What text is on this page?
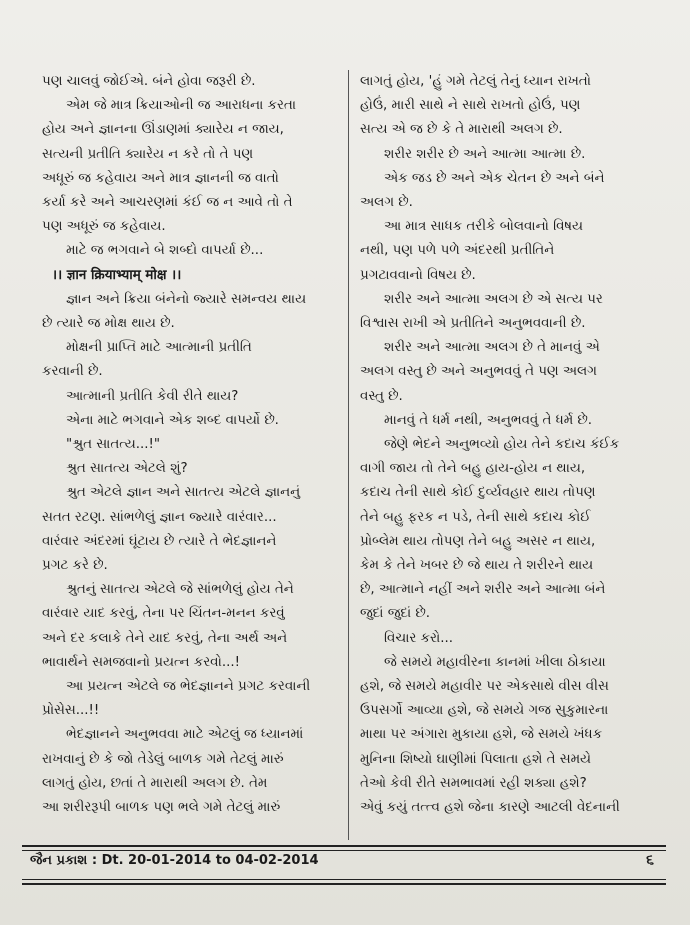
પણ ચાલવું જોઈએ. બંને હોવા જરૂરી છે.

એમ જે માત્ર ક્રિયાઓની જ આરાધના કરતા

હોય અને જ્ઞાનના ઊંડાણમાં ક્યારેય ન જાય,

સત્યની પ્રતીતિ ક્યારેય ન કરે તો તે પણ

અધૂરું જ કહેવાય અને માત્ર જ્ઞાનની જ વાતો

કર્યા કરે અને આચરણમાં કંઈ જ ન આવે તો તે

પણ અધૂરું જ કહેવાય.

માટે જ ભગવાને બે શબ્દો વાપર્યા છે...

।। ज्ञान क्रियाभ्याम् मोक्ष ।।

જ્ઞાન અને ક્રિયા બંનેનો જ્યારે સમન્વય થાય

છે ત્યારે જ મોક્ષ થાય છે.

મોક્ષની પ્રાપ્તિ માટે આત્માની પ્રતીતિ

કરવાની છે.

આત્માની પ્રતીતિ કેવી રીતે થાય?

એના માટે ભગવાને એક શબ્દ વાપર્યો છે.

"શ્રુત સાતત્ય...!"

શ્રુત સાતત્ય એટલે શું?

શ્રુત એટલે જ્ઞાન અને સાતત્ય એટલે જ્ઞાનનું

સતત રટણ. સાંભળેલું જ્ઞાન જ્યારે વારંવાર...

વારંવાર અંદરમાં ઘૂંટાય છે ત્યારે તે ભેદજ્ઞાનને

પ્રગટ કરે છે.

શ્રુતનું સાતત્ય એટલે જે સાંભળેલું હોય તેને

વારંવાર યાદ કરવું, તેના પર ચિંતન-મનન કરવું

અને દર કલાકે તેને યાદ કરવું, તેના અર્થ અને

ભાવાર્થને સમજવાનો પ્રયત્ન કરવો...!

આ પ્રયત્ન એટલે જ ભેદજ્ઞાનને પ્રગટ કરવાની

પ્રોસેસ...!!

ભેદજ્ઞાનને અનુભવવા માટે એટલું જ ધ્યાનમાં

રાખવાનું છે કે જો તેડેલું બાળક ગમે તેટલું મારું

લાગતું હોય, છતાં તે મારાથી અલગ છે. તેમ

આ શરીરરૂપી બાળક પણ ભલે ગમે તેટલું મારું

લાગતું હોય, 'હું ગમે તેટલું તેનું ધ્યાન રાખતો

હોઉં, મારી સાથે ને સાથે રાખતો હોઉં, પણ

સત્ય એ જ છે કે તે મારાથી અલગ છે.

શરીર શરીર છે અને આત્મા આત્મા છે.

એક જડ છે અને એક ચેતન છે અને બંને

અલગ છે.

આ માત્ર સાધક તરીકે બોલવાનો વિષય

નથી, પણ પળે પળે અંદરથી પ્રતીતિને

પ્રગટાવવાનો વિષય છે.

શરીર અને આત્મા અલગ છે એ સત્ય પર

વિશ્વાસ રાખી એ પ્રતીતિને અનુભવવાની છે.

શરીર અને આત્મા અલગ છે તે માનવું એ

અલગ વસ્તુ છે અને અનુભવવું તે પણ અલગ

વસ્તુ છે.

માનવું તે ધર્મ નથી, અનુભવવું તે ધર્મ છે.

જેણે ભેદને અનુભવ્યો હોય તેને કદાચ કંઈક

વાગી જાય તો તેને બહુ હાય-હોય ન થાય,

કદાચ તેની સાથે કોઈ દુર્વ્યવહાર થાય તોપણ

તેને બહુ ફરક ન પડે, તેની સાથે કદાચ કોઈ

પ્રોબ્લેમ થાય તોપણ તેને બહુ અસર ન થાય,

કેમ કે તેને ખબર છે જે થાય તે શરીરને થાય

છે, આત્માને નહીં અને શરીર અને આત્મા બંને

જુદાં જુદાં છે.

વિચાર કરો...

જે સમયે મહાવીરના કાનમાં ખીલા ઠોકાયા

હશે, જે સમયે મહાવીર પર એકસાથે વીસ વીસ

ઉપસર્ગો આવ્યા હશે, જે સમયે ગજ સુકુમારના

માથા પર અંગારા મુકાયા હશે, જે સમયે ખંધક

મુનિના શિષ્યો ઘાણીમાં પિલાતા હશે તે સમયે

તેઓ કેવી રીતે સમભાવમાં રહી શક્યા હશે?

એવું કયું તત્ત્વ હશે જેના કારણે આટલી વેદનાની

જૈન પ્રકાશ : Dt. 20-01-2014 to 04-02-2014	૬
